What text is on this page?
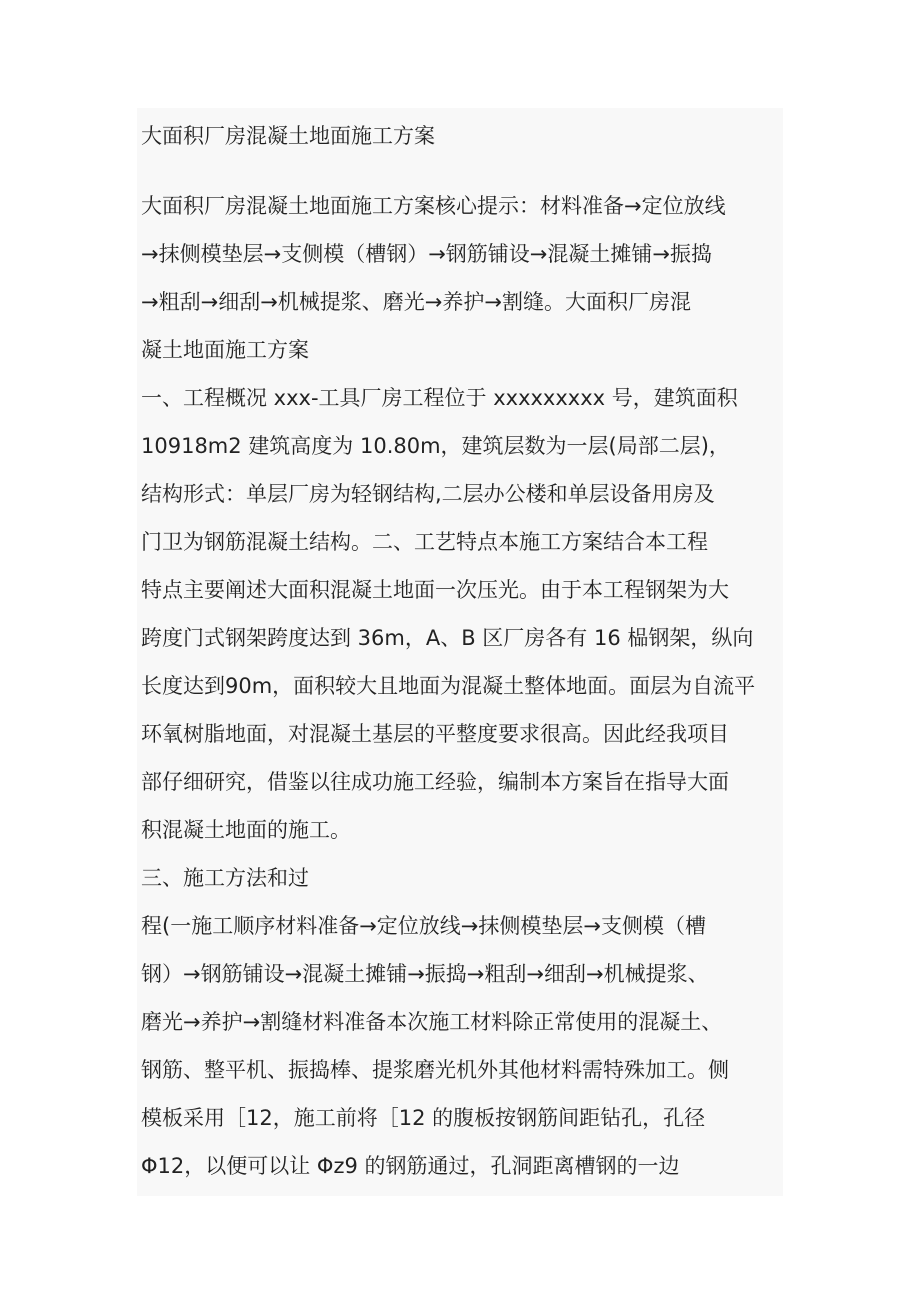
大面积厂房混凝土地面施工方案
大面积厂房混凝土地面施工方案核心提示：材料准备→定位放线
→抹侧模垫层→支侧模（槽钢）→钢筋铺设→混凝土摊铺→振捣
→粗刮→细刮→机械提浆、磨光→养护→割缝。大面积厂房混
凝土地面施工方案
一、工程概况 xxx-工具厂房工程位于 xxxxxxxxx 号，建筑面积
10918m2 建筑高度为 10.80m，建筑层数为一层(局部二层)，
结构形式：单层厂房为轻钢结构,二层办公楼和单层设备用房及
门卫为钢筋混凝土结构。二、工艺特点本施工方案结合本工程
特点主要阐述大面积混凝土地面一次压光。由于本工程钢架为大
跨度门式钢架跨度达到 36m，A、B 区厂房各有 16 榀钢架，纵向
长度达到90m，面积较大且地面为混凝土整体地面。面层为自流平
环氧树脂地面，对混凝土基层的平整度要求很高。因此经我项目
部仔细研究，借鉴以往成功施工经验，编制本方案旨在指导大面
积混凝土地面的施工。
三、施工方法和过
程(一施工顺序材料准备→定位放线→抹侧模垫层→支侧模（槽
钢）→钢筋铺设→混凝土摊铺→振捣→粗刮→细刮→机械提浆、
磨光→养护→割缝材料准备本次施工材料除正常使用的混凝土、
钢筋、整平机、振捣棒、提浆磨光机外其他材料需特殊加工。侧
模板采用［12，施工前将［12 的腹板按钢筋间距钻孔，孔径
Φ12，以便可以让 Φz9 的钢筋通过，孔洞距离槽钢的一边
